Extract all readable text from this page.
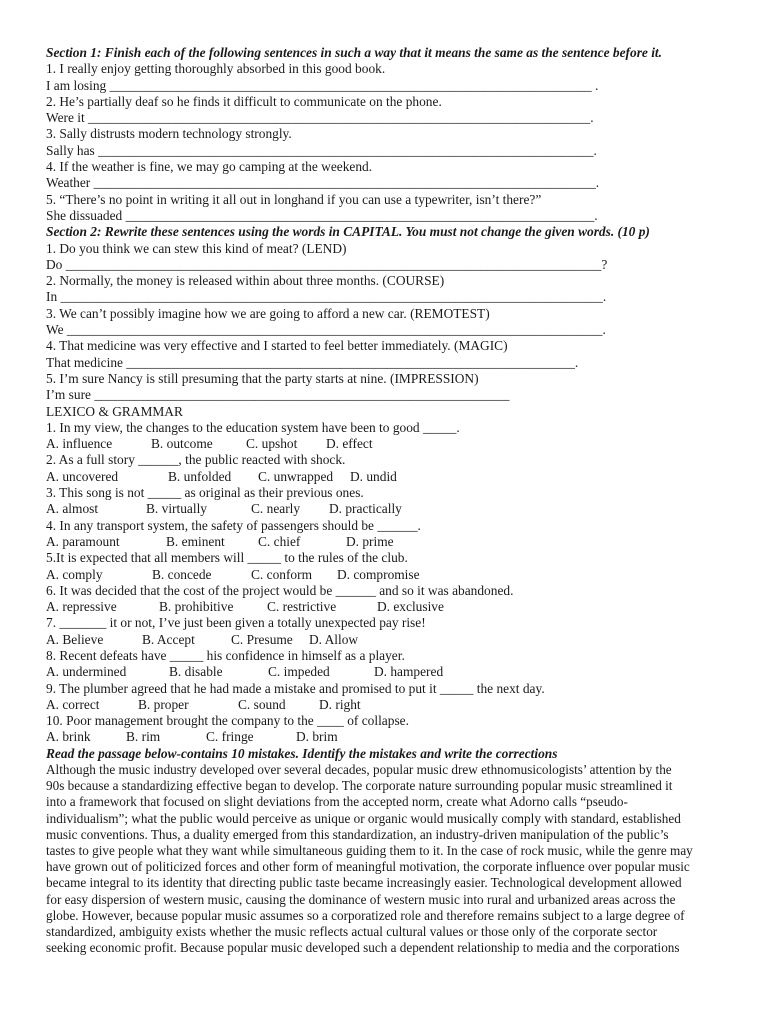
Section 1: Finish each of the following sentences in such a way that it means the same as the sentence before it.
1. I really enjoy getting thoroughly absorbed in this good book.
I am losing ________________________________________________________________________ .
2. He’s partially deaf so he finds it difficult to communicate on the phone.
Were it ___________________________________________________________________________.
3. Sally distrusts modern technology strongly.
Sally has __________________________________________________________________________.
4. If the weather is fine, we may go camping at the weekend.
Weather ___________________________________________________________________________.
5. “There’s no point in writing it all out in longhand if you can use a typewriter, isn’t there?”
She dissuaded ______________________________________________________________________.
Section 2: Rewrite these sentences using the words in CAPITAL. You must not change the given words. (10 p)
1. Do you think we can stew this kind of meat? (LEND)
Do ________________________________________________________________________________?
2. Normally, the money is released within about three months. (COURSE)
In _________________________________________________________________________________.
3. We can’t possibly imagine how we are going to afford a new car. (REMOTEST)
We ________________________________________________________________________________.
4. That medicine was very effective and I started to feel better immediately. (MAGIC)
That medicine ___________________________________________________________________.
5. I’m sure Nancy is still presuming that the party starts at nine. (IMPRESSION)
I’m sure ______________________________________________________________
LEXICO & GRAMMAR
1. In my view, the changes to the education system have been to good _____.
A. influence	B. outcome	C. upshot	D. effect
2. As a full story ______, the public reacted with shock.
A. uncovered	B. unfolded	C. unwrapped	D. undid
3. This song is not _____ as original as their previous ones.
A. almost	B. virtually	C. nearly	D. practically
4. In any transport system, the safety of passengers should be ______.
A. paramount	B. eminent	C. chief	D. prime
5.It is expected that all members will _____ to the rules of the club.
A. comply	B. concede	C. conform	D. compromise
6. It was decided that the cost of the project would be ______ and so it was abandoned.
A. repressive	B. prohibitive	C. restrictive	D. exclusive
7. _______ it or not, I’ve just been given a totally unexpected pay rise!
A. Believe	B. Accept	C. Presume	D. Allow
8. Recent defeats have _____ his confidence in himself as a player.
A. undermined	B. disable	C. impeded	D. hampered
9. The plumber agreed that he had made a mistake and promised to put it _____ the next day.
A. correct	B. proper	C. sound	D. right
10. Poor management brought the company to the ____ of collapse.
A. brink	B. rim	C. fringe	D. brim
Read the passage below-contains 10 mistakes. Identify the mistakes and write the corrections
Although the music industry developed over several decades, popular music drew ethnomusicologists’ attention by the
90s because a standardizing effective began to develop. The corporate nature surrounding popular music streamlined it
into a framework that focused on slight deviations from the accepted norm, create what Adorno calls “pseudo-
individualism”; what the public would perceive as unique or organic would musically comply with standard, established
music conventions. Thus, a duality emerged from this standardization, an industry-driven manipulation of the public’s
tastes to give people what they want while simultaneous guiding them to it. In the case of rock music, while the genre may
have grown out of politicized forces and other form of meaningful motivation, the corporate influence over popular music
became integral to its identity that directing public taste became increasingly easier. Technological development allowed
for easy dispersion of western music, causing the dominance of western music into rural and urbanized areas across the
globe. However, because popular music assumes so a corporatized role and therefore remains subject to a large degree of
standardized, ambiguity exists whether the music reflects actual cultural values or those only of the corporate sector
seeking economic profit. Because popular music developed such a dependent relationship to media and the corporations
